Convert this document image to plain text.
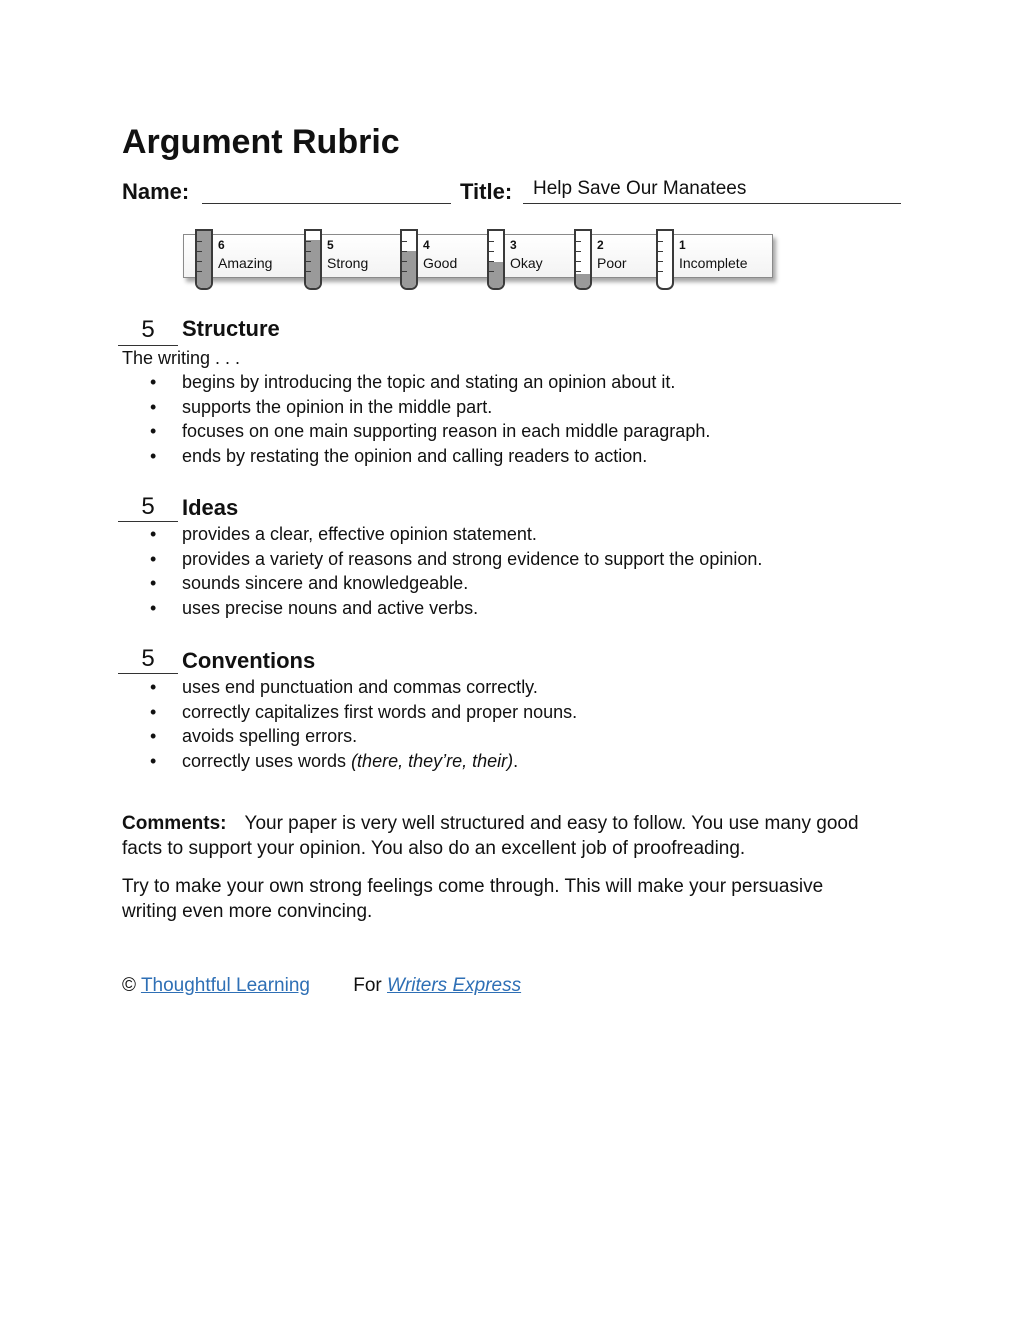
Argument Rubric
Name:	Title: Help Save Our Manatees
6
Amazing
5
Strong
4
Good
3
Okay
2
Poor
1
Incomplete
5	Structure
The writing . . .
• begins by introducing the topic and stating an opinion about it.
• supports the opinion in the middle part.
• focuses on one main supporting reason in each middle paragraph.
• ends by restating the opinion and calling readers to action.
5	Ideas
• provides a clear, effective opinion statement.
• provides a variety of reasons and strong evidence to support the opinion.
• sounds sincere and knowledgeable.
• uses precise nouns and active verbs.
5	Conventions
• uses end punctuation and commas correctly.
• correctly capitalizes first words and proper nouns.
• avoids spelling errors.
• correctly uses words (there, they’re, their).

Comments: Your paper is very well structured and easy to follow. You use many good facts to support your opinion. You also do an excellent job of proofreading.

Try to make your own strong feelings come through. This will make your persuasive writing even more convincing.

© Thoughtful Learning For Writers Express
